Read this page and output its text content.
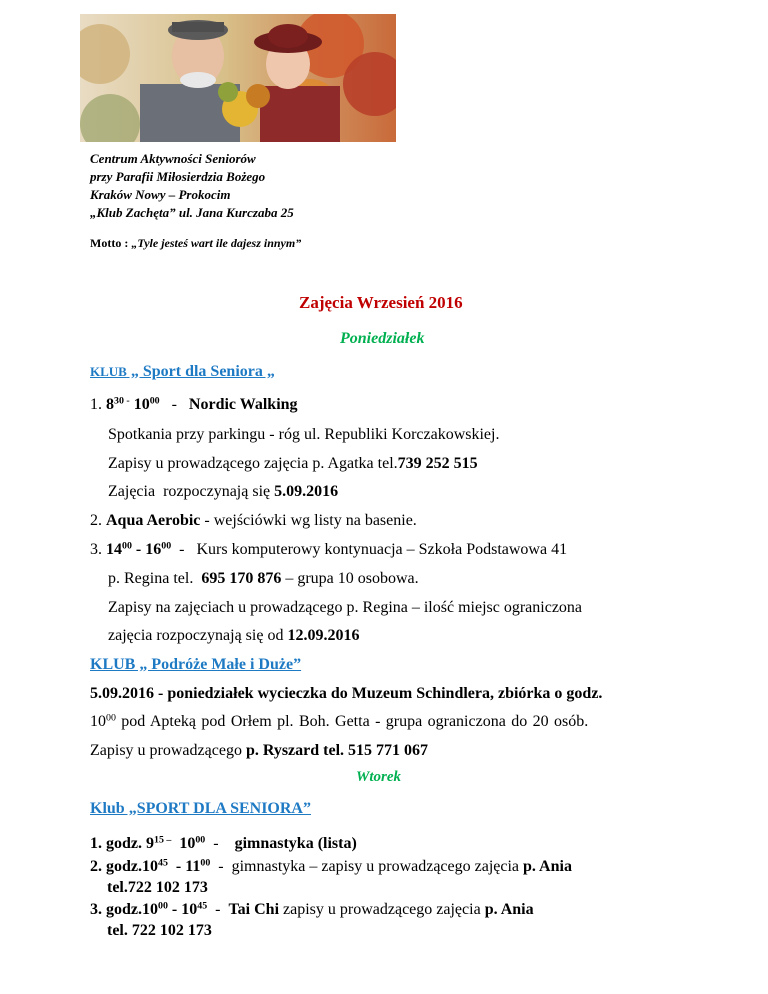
Centrum Aktywności Seniorów
przy Parafii Miłosierdzia Bożego
Kraków Nowy – Prokocim
„Klub Zachęta” ul. Jana Kurczaba 25
Motto : „Tyle jesteś wart ile dajesz innym”
Zajęcia Wrzesień 2016
Poniedziałek
KLUB „ Sport dla Seniora „
1. $8^{30 -}$ $10^{00}$   -   Nordic Walking
Spotkania przy parkingu - róg ul. Republiki Korczakowskiej.
Zapisy u prowadzącego zajęcia p. Agatka tel.739 252 515
Zajęcia  rozpoczynają się 5.09.2016
2. Aqua Aerobic - wejściówki wg listy na basenie.
3. $14^{00} - 16^{00}$  -   Kurs komputerowy kontynuacja – Szkoła Podstawowa 41
p. Regina tel.  695 170 876 – grupa 10 osobowa.
Zapisy na zajęciach u prowadzącego p. Regina – ilość miejsc ograniczona
zajęcia rozpoczynają się od 12.09.2016
KLUB „ Podróże Małe i Duże”
5.09.2016 - poniedziałek wycieczka do Muzeum Schindlera, zbiórka o godz.
$10^{00}$ pod Apteką pod Orłem pl. Boh. Getta - grupa ograniczona do 20 osób.
Zapisy u prowadzącego p. Ryszard tel. 515 771 067
Wtorek
Klub „SPORT DLA SENIORA”
1. godz. $9^{15 -}$  $10^{00}$  -    gimnastyka (lista)
2. $godz.10^{45} - 11^{00}$  -  gimnastyka – zapisy u prowadzącego zajęcia p. Ania
tel.722 102 173
3. $godz.10^{00} - 10^{45}$  -  Tai Chi zapisy u prowadzącego zajęcia p. Ania
tel. 722 102 173
